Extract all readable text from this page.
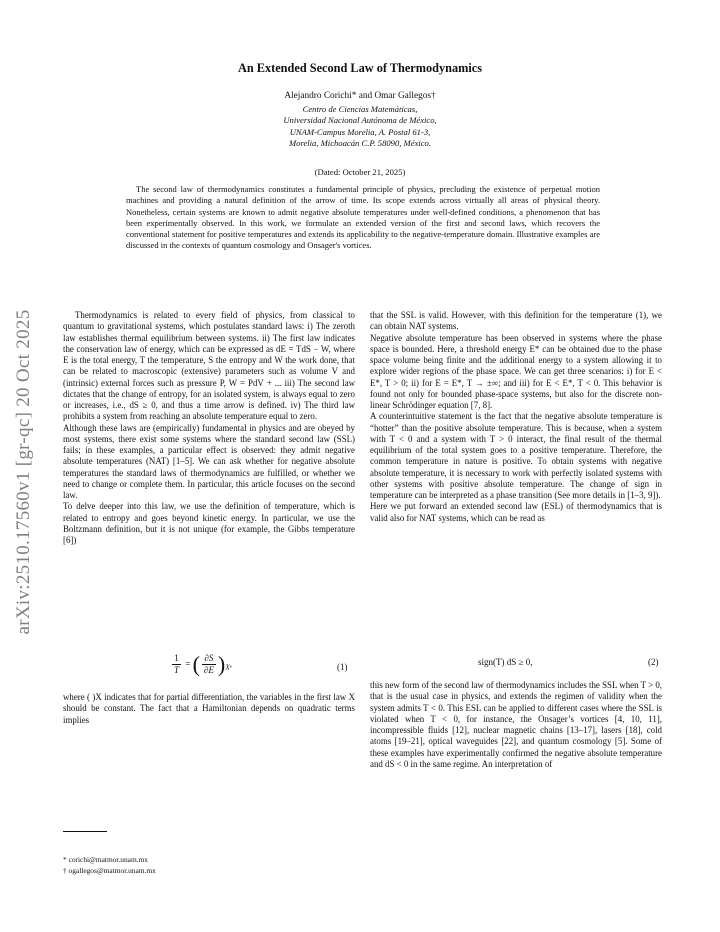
arXiv:2510.17560v1 [gr-qc] 20 Oct 2025
An Extended Second Law of Thermodynamics
Alejandro Corichi* and Omar Gallegos†
Centro de Ciencias Matemáticas,
Universidad Nacional Autónoma de México,
UNAM-Campus Morelia, A. Postal 61-3,
Morelia, Michoacán C.P. 58090, México.
(Dated: October 21, 2025)
The second law of thermodynamics constitutes a fundamental principle of physics, precluding the existence of perpetual motion machines and providing a natural definition of the arrow of time. Its scope extends across virtually all areas of physical theory. Nonetheless, certain systems are known to admit negative absolute temperatures under well-defined conditions, a phenomenon that has been experimentally observed. In this work, we formulate an extended version of the first and second laws, which recovers the conventional statement for positive temperatures and extends its applicability to the negative-temperature domain. Illustrative examples are discussed in the contexts of quantum cosmology and Onsager's vortices.

Thermodynamics is related to every field of physics, from classical to quantum to gravitational systems, which postulates standard laws: i) The zeroth law establishes thermal equilibrium between systems. ii) The first law indicates the conservation law of energy, which can be expressed as dE = TdS − W, where E is the total energy, T the temperature, S the entropy and W the work done, that can be related to macroscopic (extensive) parameters such as volume V and (intrinsic) external forces such as pressure P, W = PdV + ... iii) The second law dictates that the change of entropy, for an isolated system, is always equal to zero or increases, i.e., dS ≥ 0, and thus a time arrow is defined. iv) The third law prohibits a system from reaching an absolute temperature equal to zero.

Although these laws are (empirically) fundamental in physics and are obeyed by most systems, there exist some systems where the standard second law (SSL) fails; in these examples, a particular effect is observed: they admit negative absolute temperatures (NAT) [1–5]. We can ask whether for negative absolute temperatures the standard laws of thermodynamics are fulfilled, or whether we need to change or complete them. In particular, this article focuses on the second law.

To delve deeper into this law, we use the definition of temperature, which is related to entropy and goes beyond kinetic energy. In particular, we use the Boltzmann definition, but it is not unique (for example, the Gibbs temperature [6])

$\frac{1}{T}$ = ( $\frac{\partial S}{\partial E} )_X$,	(1)

where ( )X indicates that for partial differentiation, the variables in the first law X should be constant. The fact that a Hamiltonian depends on quadratic terms implies

* corichi@matmor.unam.mx
† ogallegos@matmor.unam.mx

that the SSL is valid. However, with this definition for the temperature (1), we can obtain NAT systems.

Negative absolute temperature has been observed in systems where the phase space is bounded. Here, a threshold energy E* can be obtained due to the phase space volume being finite and the additional energy to a system allowing it to explore wider regions of the phase space. We can get three scenarios: i) for E < E*, T > 0; ii) for E = E*, T → ±∞; and iii) for E < E*, T < 0. This behavior is found not only for bounded phase-space systems, but also for the discrete non-linear Schrödinger equation [7, 8].

A counterintuitive statement is the fact that the negative absolute temperature is “hotter” than the positive absolute temperature. This is because, when a system with T < 0 and a system with T > 0 interact, the final result of the thermal equilibrium of the total system goes to a positive temperature. Therefore, the common temperature in nature is positive. To obtain systems with negative absolute temperature, it is necessary to work with perfectly isolated systems with other systems with positive absolute temperature. The change of sign in temperature can be interpreted as a phase transition (See more details in [1–3, 9]).

Here we put forward an extended second law (ESL) of thermodynamics that is valid also for NAT systems, which can be read as

sign(T) dS ≥ 0,	(2)

this new form of the second law of thermodynamics includes the SSL when T > 0, that is the usual case in physics, and extends the regimen of validity when the system admits T < 0. This ESL can be applied to different cases where the SSL is violated when T < 0, for instance, the Onsager’s vortices [4, 10, 11], incompressible fluids [12], nuclear magnetic chains [13–17], lasers [18], cold atoms [19–21], optical waveguides [22], and quantum cosmology [5]. Some of these examples have experimentally confirmed the negative absolute temperature and dS < 0 in the same regime. An interpretation of
